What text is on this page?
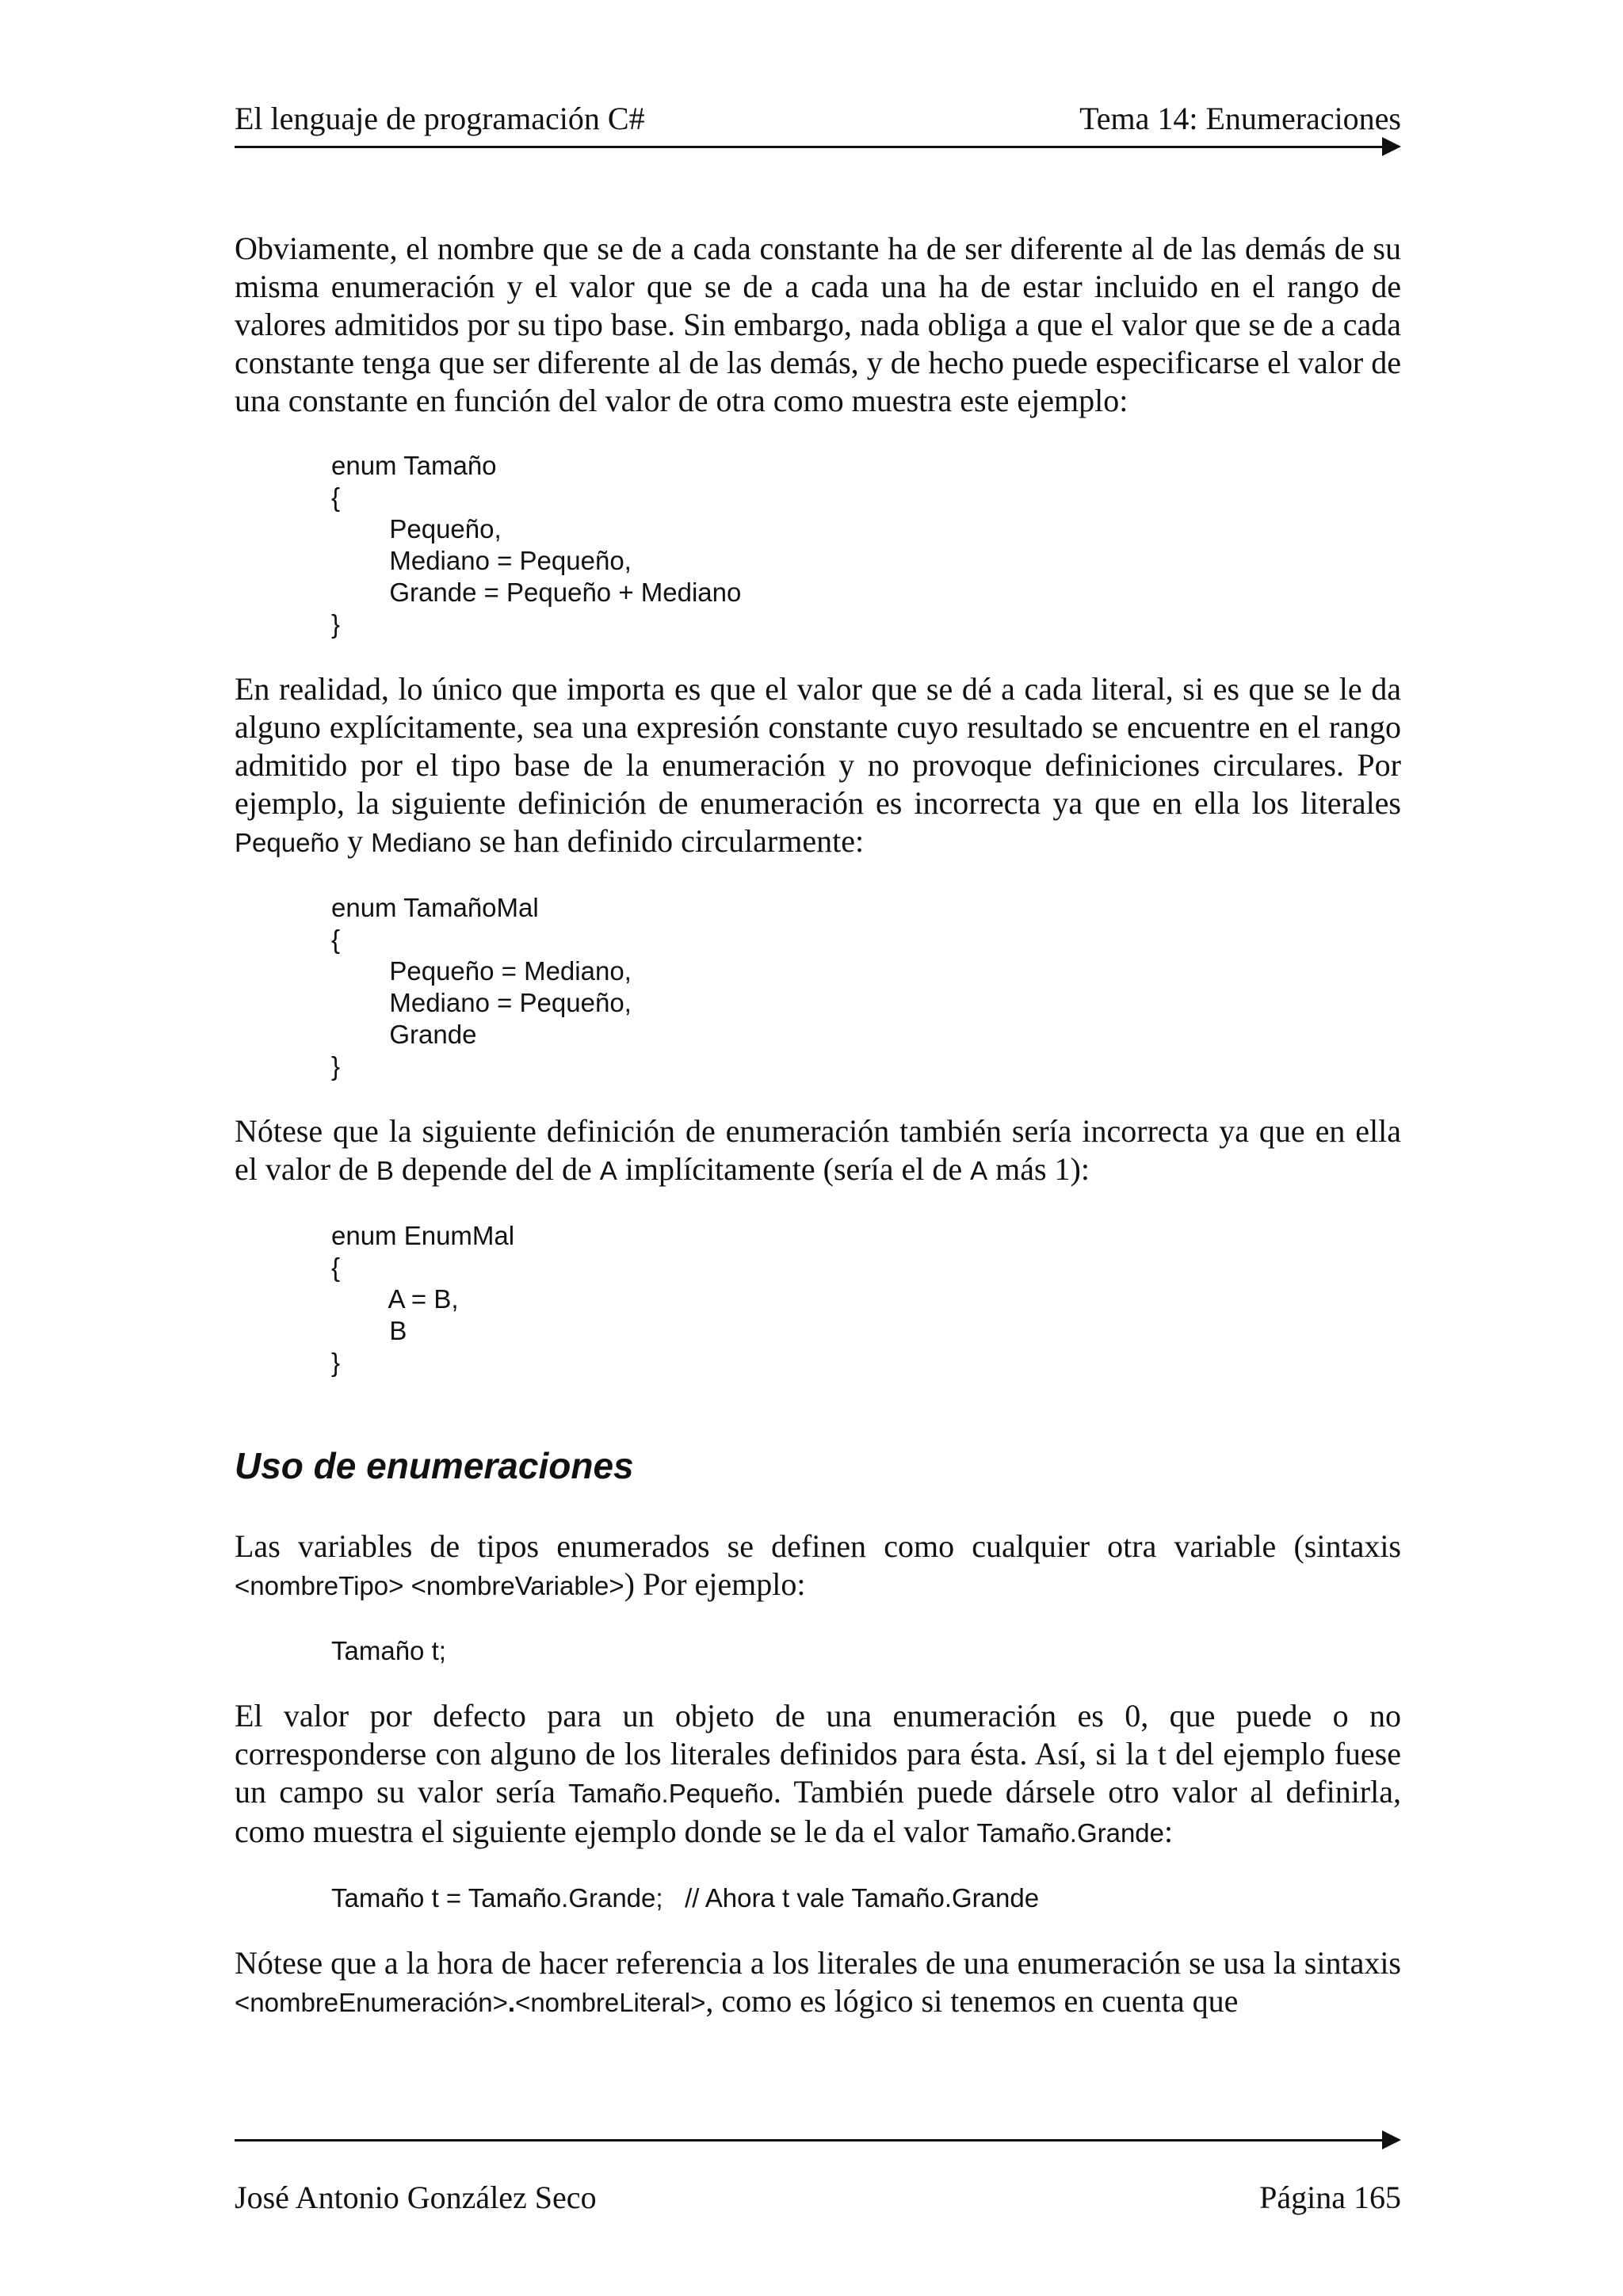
El lenguaje de programación C#	Tema 14: Enumeraciones

Obviamente, el nombre que se de a cada constante ha de ser diferente al de las demás de su misma enumeración y el valor que se de a cada una ha de estar incluido en el rango de valores admitidos por su tipo base. Sin embargo, nada obliga a que el valor que se de a cada constante tenga que ser diferente al de las demás, y de hecho puede especificarse el valor de una constante en función del valor de otra como muestra este ejemplo:

enum Tamaño
{
Pequeño,
Mediano = Pequeño,
Grande = Pequeño + Mediano
}

En realidad, lo único que importa es que el valor que se dé a cada literal, si es que se le da alguno explícitamente, sea una expresión constante cuyo resultado se encuentre en el rango admitido por el tipo base de la enumeración y no provoque definiciones circulares. Por ejemplo, la siguiente definición de enumeración es incorrecta ya que en ella los literales Pequeño y Mediano se han definido circularmente:

enum TamañoMal
{
Pequeño = Mediano,
Mediano = Pequeño,
Grande
}

Nótese que la siguiente definición de enumeración también sería incorrecta ya que en ella el valor de B depende del de A implícitamente (sería el de A más 1):

enum EnumMal
{
A = B,
B
}
Uso de enumeraciones

Las variables de tipos enumerados se definen como cualquier otra variable (sintaxis <nombreTipo> <nombreVariable>) Por ejemplo:

Tamaño t;

El valor por defecto para un objeto de una enumeración es 0, que puede o no corresponderse con alguno de los literales definidos para ésta. Así, si la t del ejemplo fuese un campo su valor sería Tamaño.Pequeño. También puede dársele otro valor al definirla, como muestra el siguiente ejemplo donde se le da el valor Tamaño.Grande:

Tamaño t = Tamaño.Grande;   // Ahora t vale Tamaño.Grande

Nótese que a la hora de hacer referencia a los literales de una enumeración se usa la sintaxis <nombreEnumeración>.<nombreLiteral>, como es lógico si tenemos en cuenta que

José Antonio González Seco	Página 165
